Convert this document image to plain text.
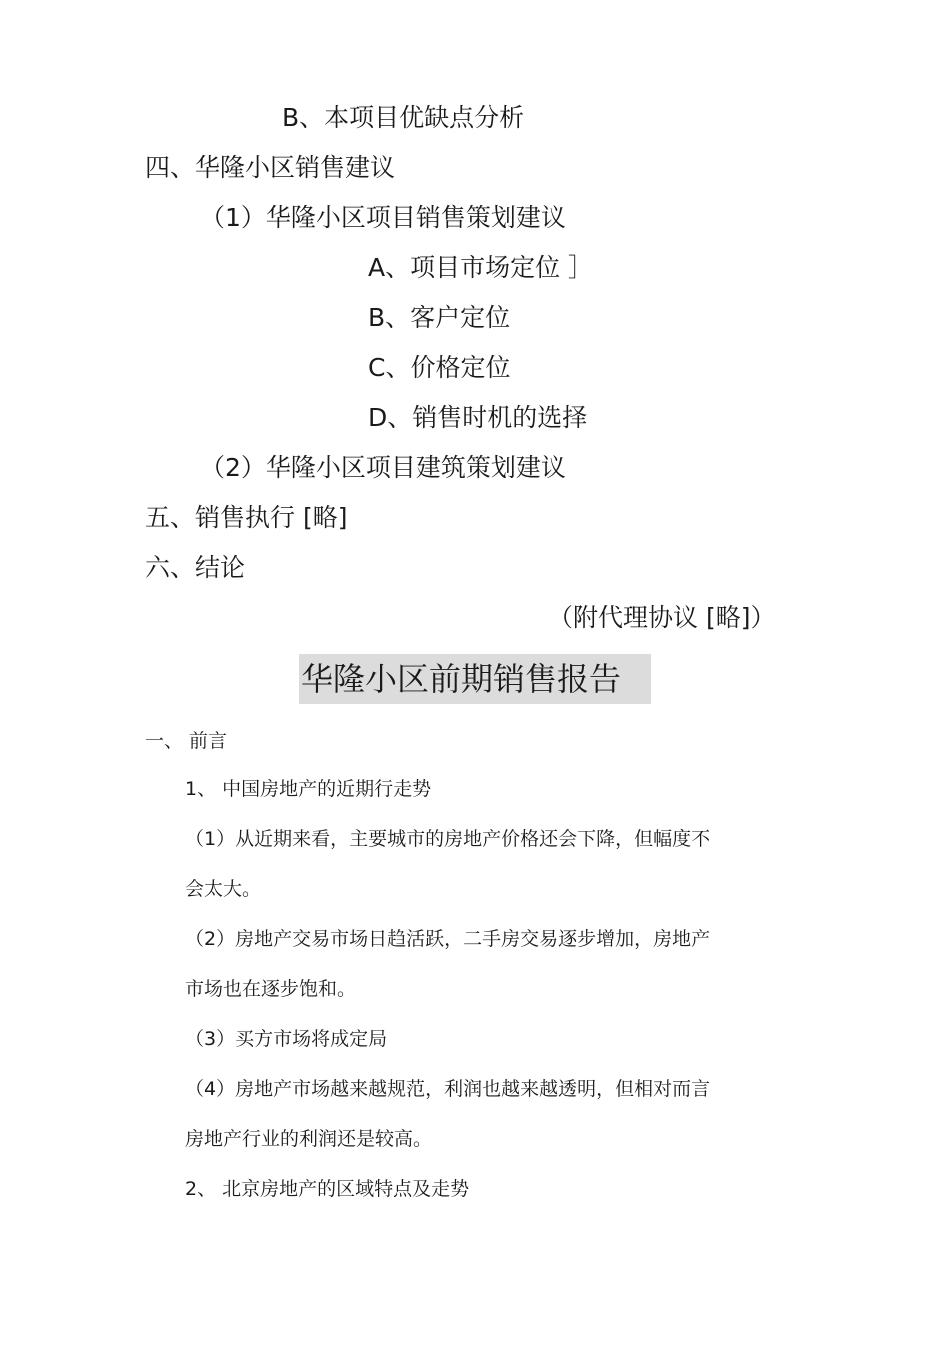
B、本项目优缺点分析
四、华隆小区销售建议
（1）华隆小区项目销售策划建议
A、项目市场定位 ］
B、客户定位
C、价格定位
D、销售时机的选择
（2）华隆小区项目建筑策划建议
五、销售执行 [略]
六、结论
（附代理协议 [略]）
华隆小区前期销售报告
一、 前言
1、 中国房地产的近期行走势
（1）从近期来看，主要城市的房地产价格还会下降，但幅度不
会太大。
（2）房地产交易市场日趋活跃，二手房交易逐步增加，房地产
市场也在逐步饱和。
（3）买方市场将成定局
（4）房地产市场越来越规范，利润也越来越透明，但相对而言
房地产行业的利润还是较高。
2、 北京房地产的区域特点及走势
